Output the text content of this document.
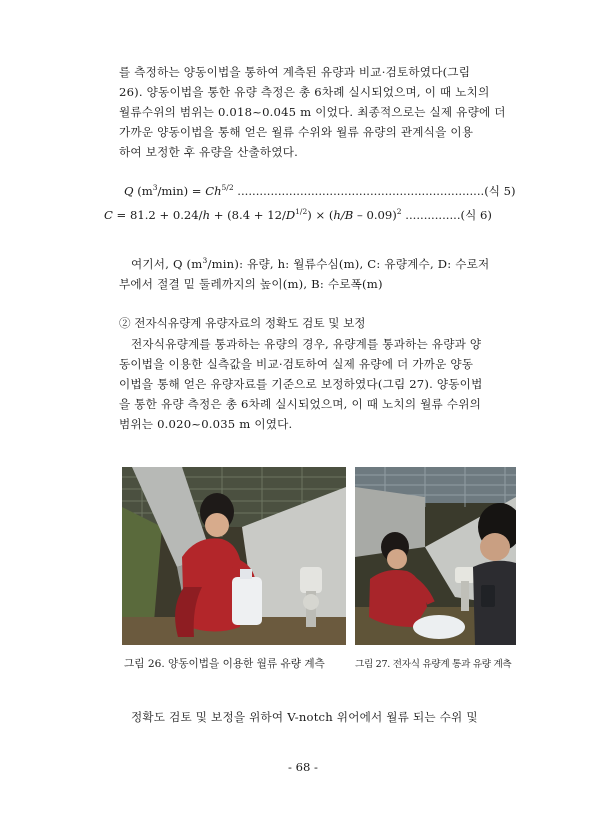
를 측정하는 양동이법을 통하여 계측된 유량과 비교·검토하였다(그림
26). 양동이법을 통한 유량 측정은 총 6차례 실시되었으며, 이 때 노치의
월류수위의 범위는 0.018~0.045 m 이었다. 최종적으로는 실제 유량에 더
가까운 양동이법을 통해 얻은 월류 수위와 월류 유량의 관계식을 이용
하여 보정한 후 유량을 산출하였다.

Q $(m^3/\min) = Ch^{5/2}$ ...................................................................(식 5)
$C = 81.2 + 0.24/h + (8.4 + 12/D^{1/2}) \times (h/B - 0.09)^2$ ...............(식 6)

여기서, Q $(m^3/\min)$: 유량, h: 월류수심(m), C: 유량계수, D: 수로저
부에서 절결 밑 둘레까지의 높이(m), B: 수로폭(m)

② 전자식유량계 유량자료의 정확도 검토 및 보정

전자식유량계를 통과하는 유량의 경우, 유량계를 통과하는 유량과 양
동이법을 이용한 실측값을 비교·검토하여 실제 유량에 더 가까운 양동
이법을 통해 얻은 유량자료를 기준으로 보정하였다(그림 27). 양동이법
을 통한 유량 측정은 총 6차례 실시되었으며, 이 때 노치의 월류 수위의
범위는 0.020~0.035 m 이였다.

그림 26. 양동이법을 이용한 월류 유량 계측	그림 27. 전자식 유량계 통과 유량 계측

정확도 검토 및 보정을 위하여 V-notch 위어에서 월류 되는 수위 및

- 68 -
